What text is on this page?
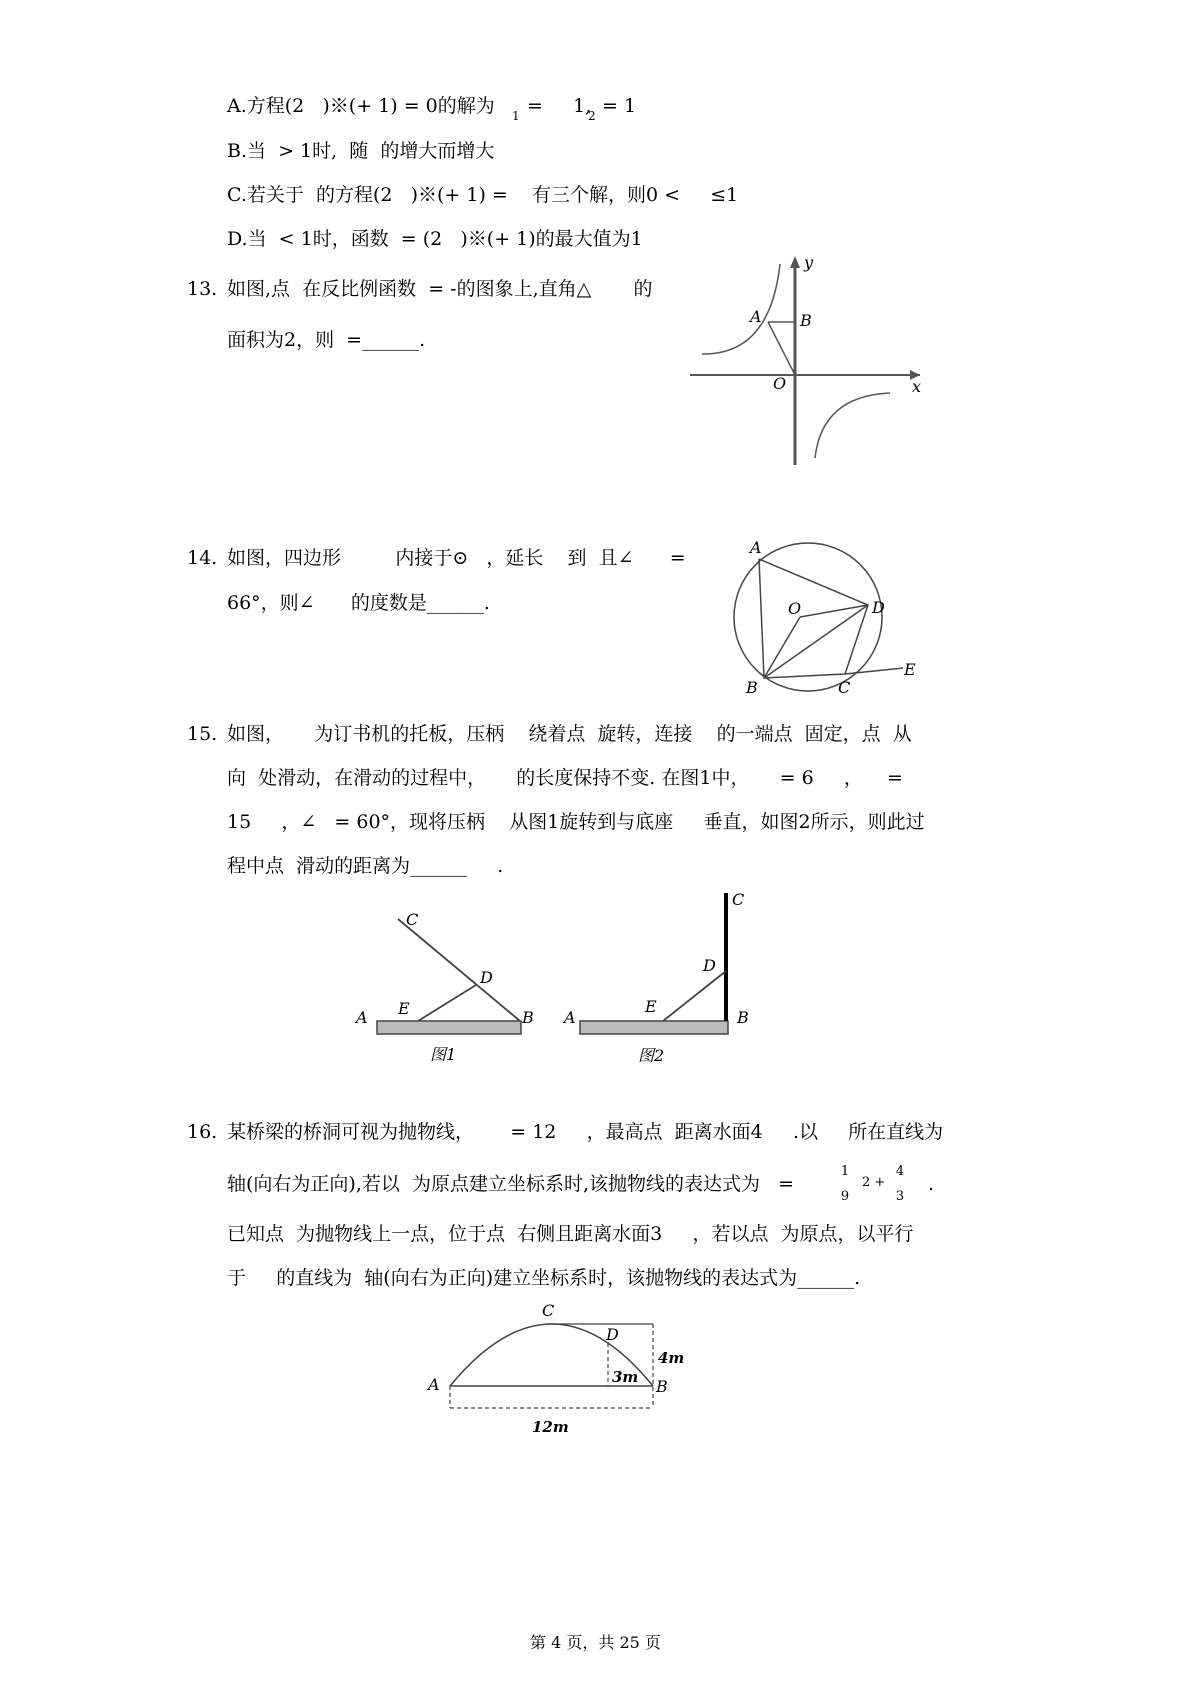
A.方程(2   )※(+ 1) = 0的解为 1 =     1,
2 = 1
B.当  > 1时,  随  的增大而增大
C.若关于  的方程(2   )※(+ 1) =    有三个解，则0 <     ≤1
D.当  < 1时，函数  = (2   )※(+ 1)的最大值为1
13. 如图,点  在反比例函数  = -的图象上,直角△       的
面积为2，则  =______.
y
x
A B
O
14. 如图，四边形         内接于⊙   ，延长    到  且∠      =
66°，则∠      的度数是______.
A
D
O
E
B	C
15. 如图，     为订书机的托板，压柄    绕着点  旋转，连接    的一端点  固定，点  从
向  处滑动，在滑动的过程中，     的长度保持不变. 在图1中，     = 6     ，    =
15     ，∠   = 60°，现将压柄    从图1旋转到与底座     垂直，如图2所示，则此过
程中点  滑动的距离为______     .
C
D
A E	B
图1
C
D
A
E
B
图2
16. 某桥梁的桥洞可视为抛物线，      = 12     ，最高点  距离水面4     .以     所在直线为
轴(向右为正向),若以  为原点建立坐标系时,该抛物线的表达式为   =
1
9
2 +
4
3
.
已知点  为抛物线上一点，位于点  右侧且距离水面3     ，若以点  为原点，以平行
于     的直线为  轴(向右为正向)建立坐标系时，该抛物线的表达式为______.
C
D
A	B
4m
3m
12m
第 4 页，共 25 页
